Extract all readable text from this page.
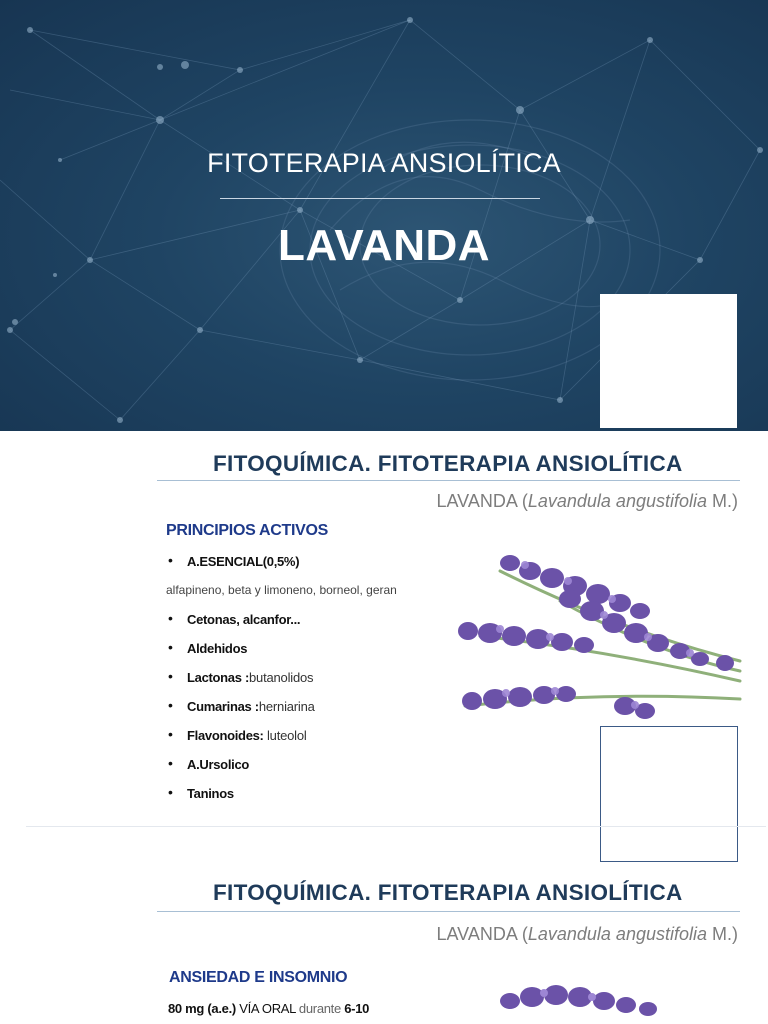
FITOTERAPIA ANSIOLÍTICA
LAVANDA
FITOQUÍMICA. FITOTERAPIA ANSIOLÍTICA
LAVANDA (Lavandula angustifolia M.)
PRINCIPIOS ACTIVOS
• A.ESENCIAL(0,5%)
alfapineno, beta y limoneno, borneol, geran
• Cetonas, alcanfor...
• Aldehidos
• Lactonas :butanolidos
• Cumarinas :herniarina
• Flavonoides: luteolol
• A.Ursolico
• Taninos
FITOQUÍMICA. FITOTERAPIA ANSIOLÍTICA
LAVANDA (Lavandula angustifolia M.)
ANSIEDAD E INSOMNIO
80 mg (a.e.) VÍA ORAL durante 6-10
